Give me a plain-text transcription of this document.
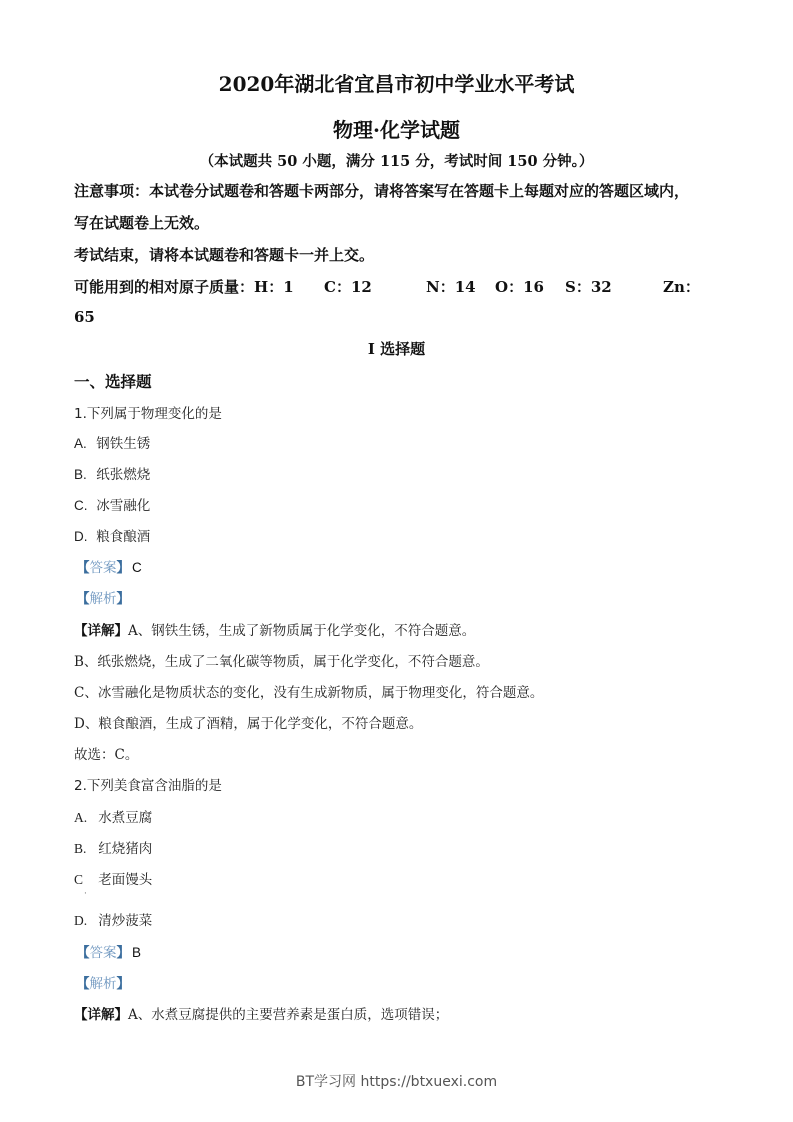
2020年湖北省宜昌市初中学业水平考试
物理·化学试题
（本试题共 50 小题，满分 115 分，考试时间 150 分钟。）
注意事项：本试卷分试题卷和答题卡两部分，请将答案写在答题卡上每题对应的答题区域内，
写在试题卷上无效。
考试结束，请将本试题卷和答题卡一并上交。
可能用到的相对原子质量： H：1	C：12	N：14	O：16	S：32	Zn：
65
I 选择题
一、选择题
1.下列属于物理变化的是
A. 钢铁生锈
B. 纸张燃烧
C. 冰雪融化
D. 粮食酿酒
【答案】 C
【解析】
【详解】A、钢铁生锈，生成了新物质属于化学变化，不符合题意。
B、纸张燃烧，生成了二氧化碳等物质，属于化学变化，不符合题意。
C、冰雪融化是物质状态的变化，没有生成新物质，属于物理变化，符合题意。
D、粮食酿酒，生成了酒精，属于化学变化，不符合题意。
故选：C。
2.下列美食富含油脂的是
A. 水煮豆腐
B. 红烧猪肉
C 老面馒头
·
D. 清炒菠菜
【答案】 B
【解析】
【详解】A、水煮豆腐提供的主要营养素是蛋白质，选项错误；
BT学习网 https://btxuexi.com
